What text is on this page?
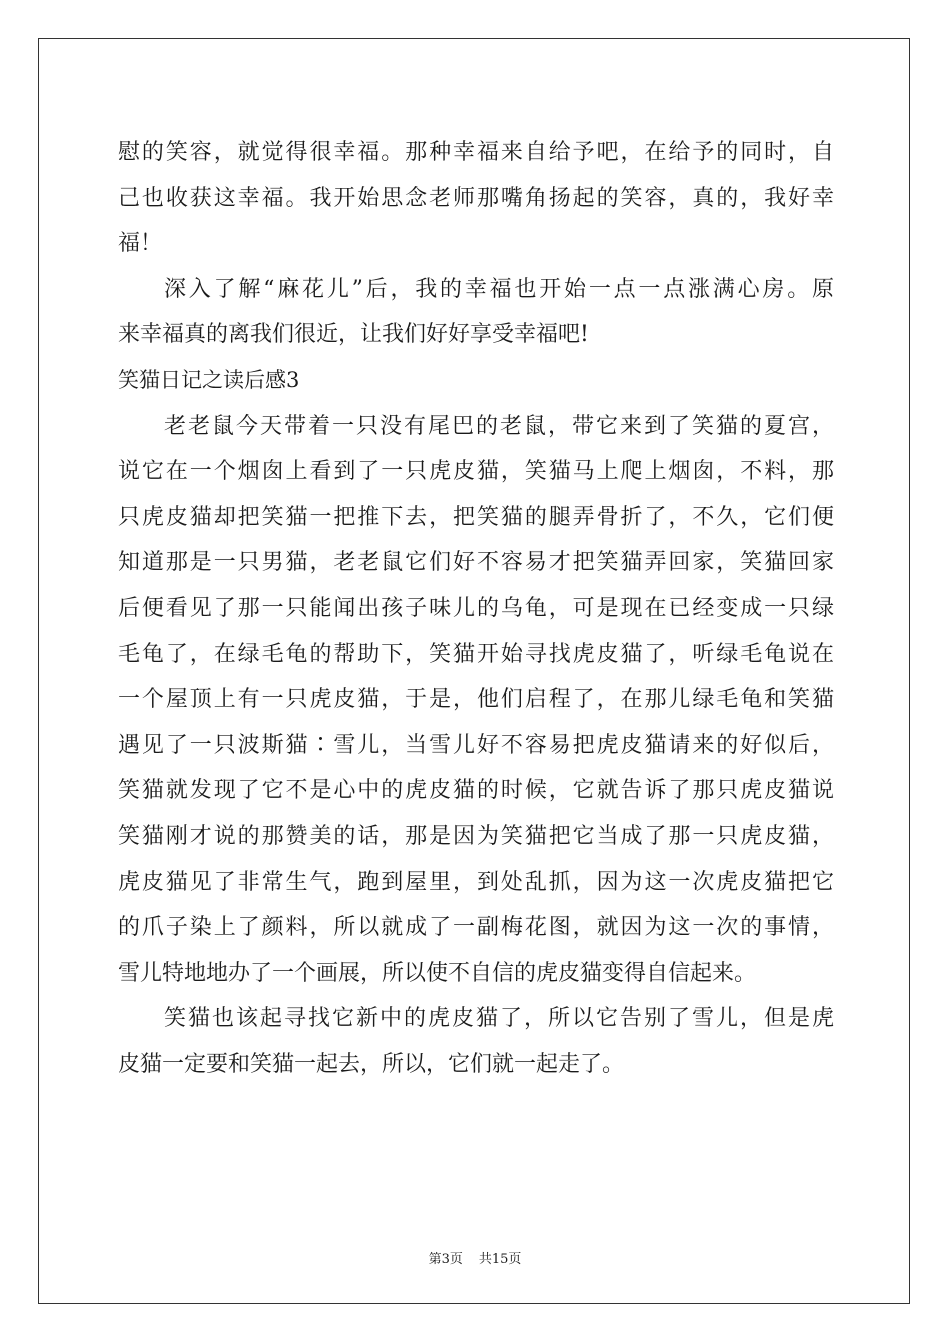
慰的笑容，就觉得很幸福。那种幸福来自给予吧，在给予的同时，自
己也收获这幸福。我开始思念老师那嘴角扬起的笑容，真的，我好幸
福！
深入了解“麻花儿”后，我的幸福也开始一点一点涨满心房。原
来幸福真的离我们很近，让我们好好享受幸福吧!
笑猫日记之读后感3
老老鼠今天带着一只没有尾巴的老鼠，带它来到了笑猫的夏宫，
说它在一个烟囱上看到了一只虎皮猫，笑猫马上爬上烟囱，不料，那
只虎皮猫却把笑猫一把推下去，把笑猫的腿弄骨折了，不久，它们便
知道那是一只男猫，老老鼠它们好不容易才把笑猫弄回家，笑猫回家
后便看见了那一只能闻出孩子味儿的乌龟，可是现在已经变成一只绿
毛龟了，在绿毛龟的帮助下，笑猫开始寻找虎皮猫了，听绿毛龟说在
一个屋顶上有一只虎皮猫，于是，他们启程了，在那儿绿毛龟和笑猫
遇见了一只波斯猫∶雪儿，当雪儿好不容易把虎皮猫请来的好似后，
笑猫就发现了它不是心中的虎皮猫的时候，它就告诉了那只虎皮猫说
笑猫刚才说的那赞美的话，那是因为笑猫把它当成了那一只虎皮猫，
虎皮猫见了非常生气，跑到屋里，到处乱抓，因为这一次虎皮猫把它
的爪子染上了颜料，所以就成了一副梅花图，就因为这一次的事情，
雪儿特地地办了一个画展，所以使不自信的虎皮猫变得自信起来。
笑猫也该起寻找它新中的虎皮猫了，所以它告别了雪儿，但是虎
皮猫一定要和笑猫一起去，所以，它们就一起走了。
第3页 共15页
